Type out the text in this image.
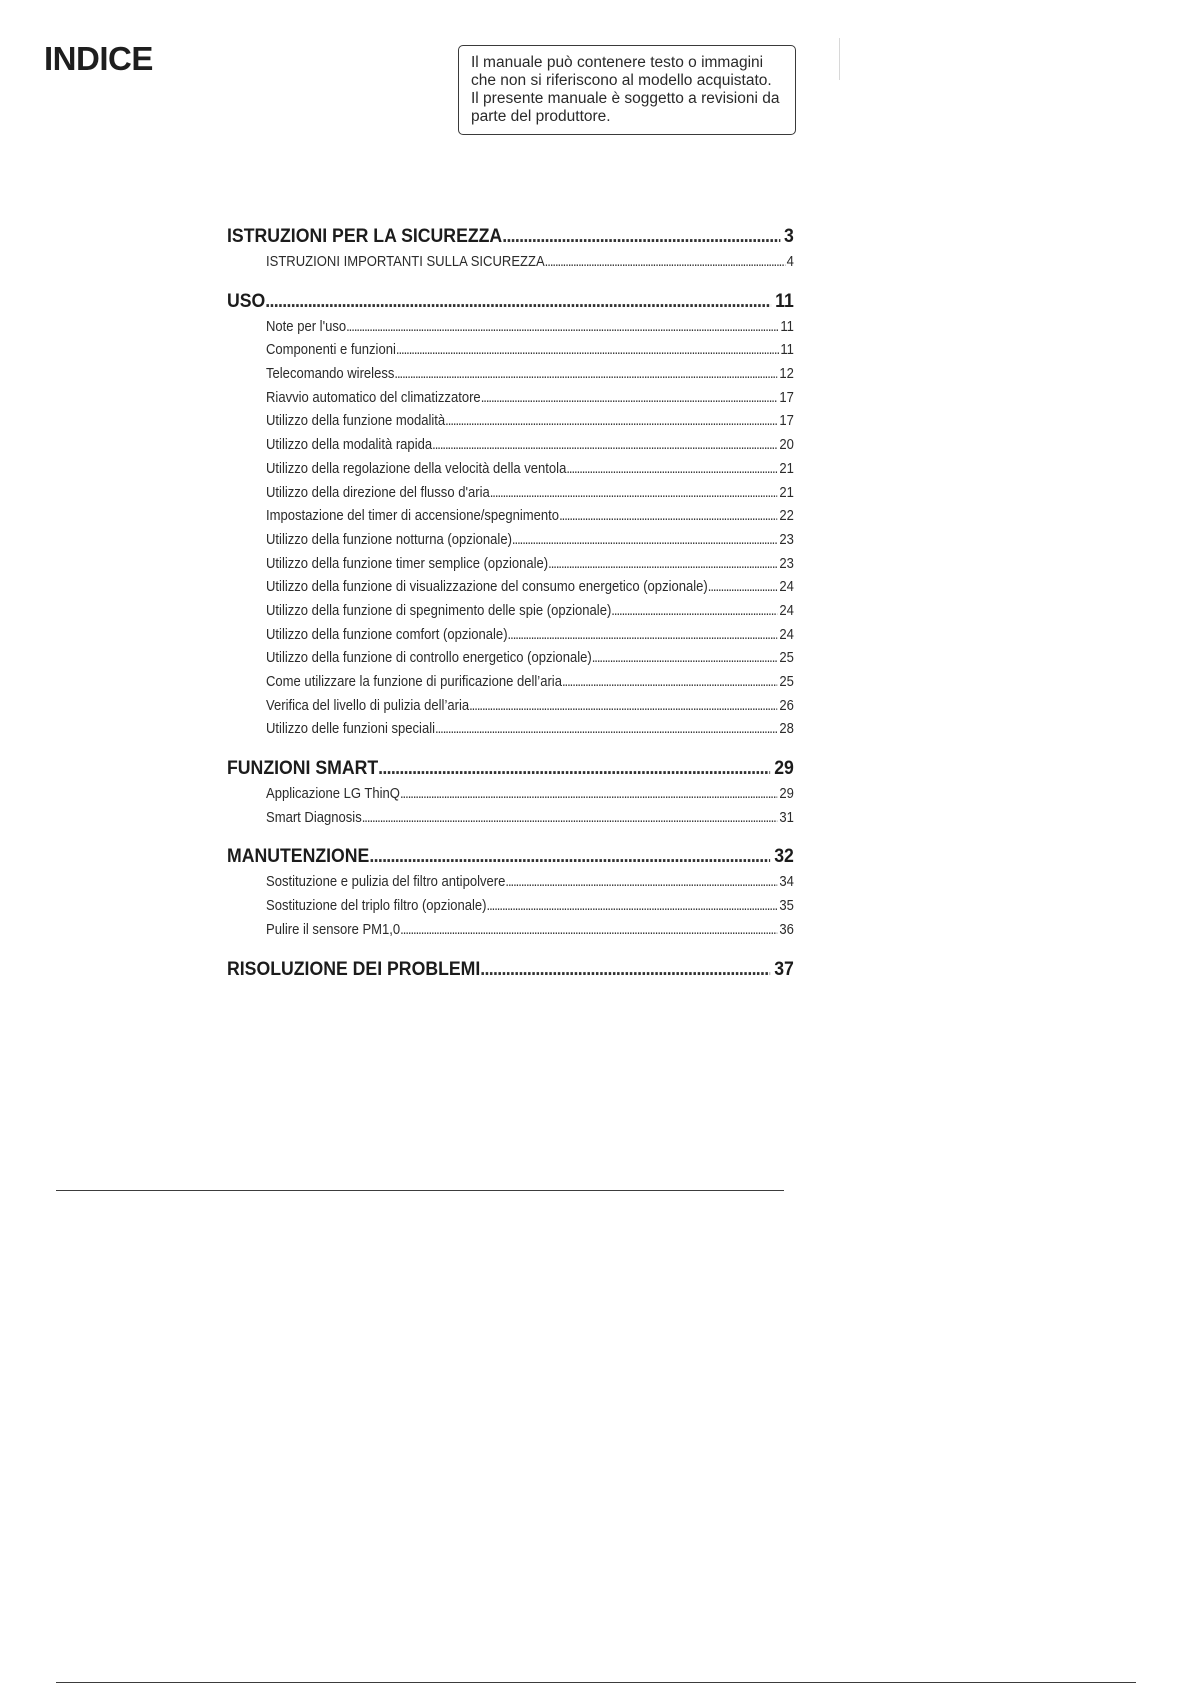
INDICE	Il manuale può contenere testo o immagini
che non si riferiscono al modello acquistato.
Il presente manuale è soggetto a revisioni da
parte del produttore.
ISTRUZIONI PER LA SICUREZZA . . .	3
ISTRUZIONI IMPORTANTI SULLA SICUREZZA . . .	4
USO . . .	11
Note per l'uso . . .	11
Componenti e funzioni . . .	11
Telecomando wireless . . .	12
Riavvio automatico del climatizzatore . . .	17
Utilizzo della funzione modalità . . .	17
Utilizzo della modalità rapida . . .	20
Utilizzo della regolazione della velocità della ventola . . .	21
Utilizzo della direzione del flusso d'aria . . .	21
Impostazione del timer di accensione/spegnimento . . .	22
Utilizzo della funzione notturna (opzionale) . . .	23
Utilizzo della funzione timer semplice (opzionale) . . .	23
Utilizzo della funzione di visualizzazione del consumo energetico (opzionale) . . .	24
Utilizzo della funzione di spegnimento delle spie (opzionale) . . .	24
Utilizzo della funzione comfort (opzionale) . . .	24
Utilizzo della funzione di controllo energetico (opzionale) . . .	25
Come utilizzare la funzione di purificazione dell’aria . . .	25
Verifica del livello di pulizia dell’aria . . .	26
Utilizzo delle funzioni speciali . . .	28
FUNZIONI SMART . . .	29
Applicazione LG ThinQ . . .	29
Smart Diagnosis . . .	31
MANUTENZIONE . . .	32
Sostituzione e pulizia del filtro antipolvere . . .	34
Sostituzione del triplo filtro (opzionale) . . .	35
Pulire il sensore PM1,0 . . .	36
RISOLUZIONE DEI PROBLEMI . . .	37
